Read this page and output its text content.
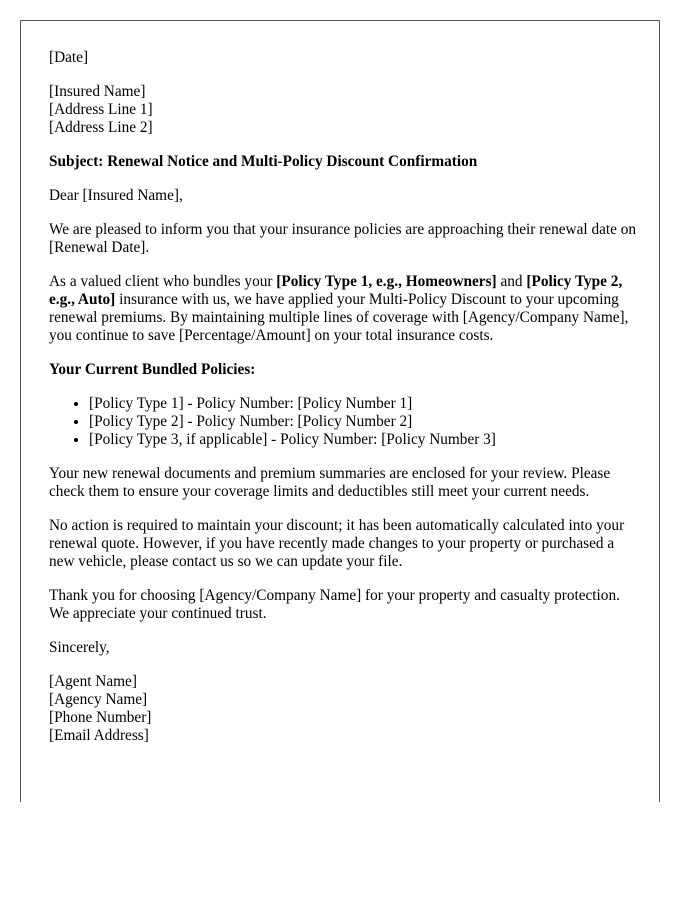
[Date]

[Insured Name]
[Address Line 1]
[Address Line 2]

Subject: Renewal Notice and Multi-Policy Discount Confirmation

Dear [Insured Name],

We are pleased to inform you that your insurance policies are approaching their renewal date on [Renewal Date].

As a valued client who bundles your [Policy Type 1, e.g., Homeowners] and [Policy Type 2, e.g., Auto] insurance with us, we have applied your Multi-Policy Discount to your upcoming renewal premiums. By maintaining multiple lines of coverage with [Agency/Company Name], you continue to save [Percentage/Amount] on your total insurance costs.

Your Current Bundled Policies:

• [Policy Type 1] - Policy Number: [Policy Number 1]
• [Policy Type 2] - Policy Number: [Policy Number 2]
• [Policy Type 3, if applicable] - Policy Number: [Policy Number 3]

Your new renewal documents and premium summaries are enclosed for your review. Please check them to ensure your coverage limits and deductibles still meet your current needs.

No action is required to maintain your discount; it has been automatically calculated into your renewal quote. However, if you have recently made changes to your property or purchased a new vehicle, please contact us so we can update your file.

Thank you for choosing [Agency/Company Name] for your property and casualty protection. We appreciate your continued trust.

Sincerely,

[Agent Name]
[Agency Name]
[Phone Number]
[Email Address]
